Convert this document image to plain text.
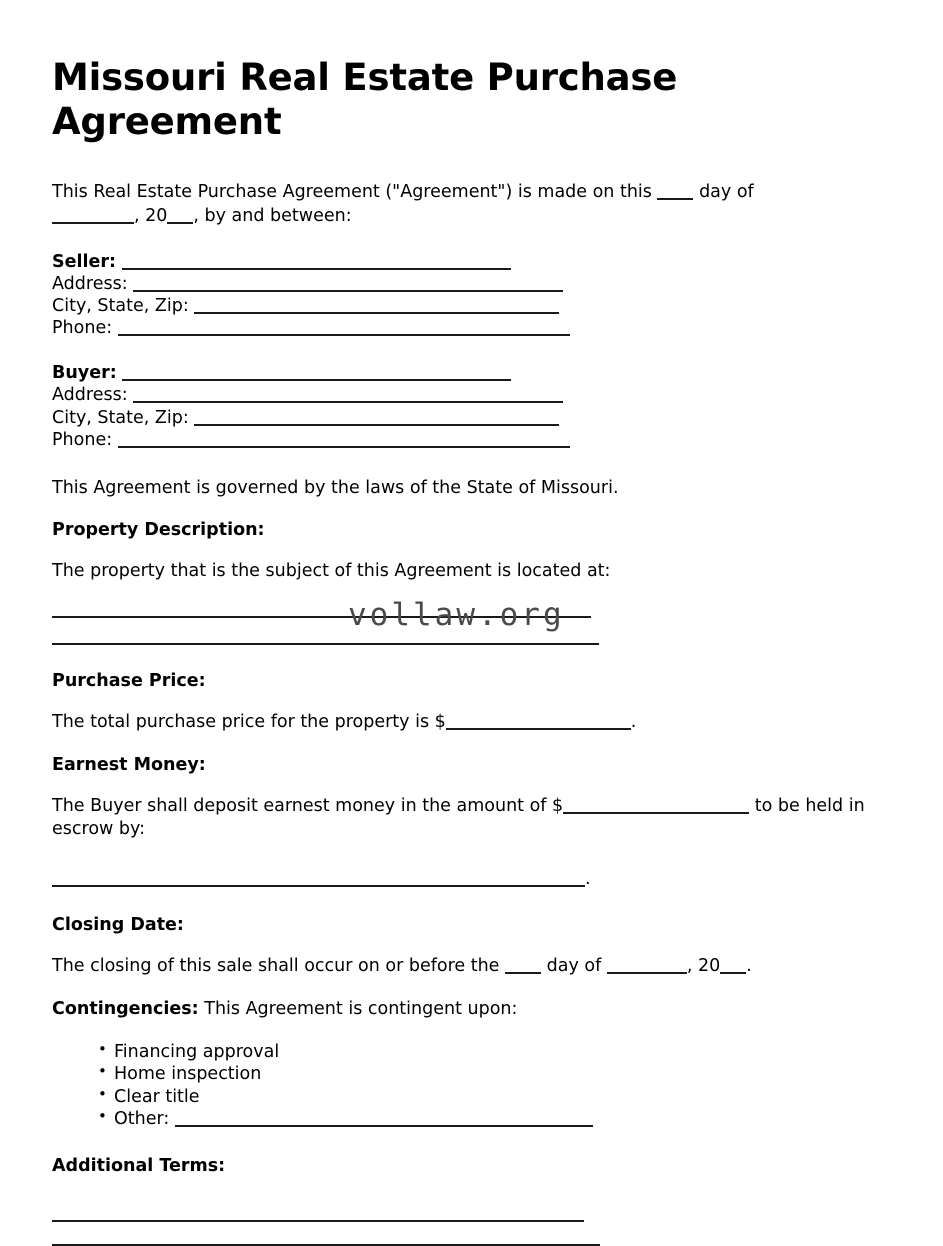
Missouri Real Estate Purchase Agreement

This Real Estate Purchase Agreement ("Agreement") is made on this	day of , 20 , by and between:

Seller:
Address:
City, State, Zip:
Phone:
Buyer:
Address:
City, State, Zip:
Phone:

This Agreement is governed by the laws of the State of Missouri.

Property Description:

The property that is the subject of this Agreement is located at:

vollaw.org

Purchase Price:

The total purchase price for the property is $	.

Earnest Money:

The Buyer shall deposit earnest money in the amount of $	to be held in escrow by:

.

Closing Date:

The closing of this sale shall occur on or before the	day of	, 20 .

Contingencies: This Agreement is contingent upon:

• Financing approval
• Home inspection
• Clear title
• Other:

Additional Terms:
